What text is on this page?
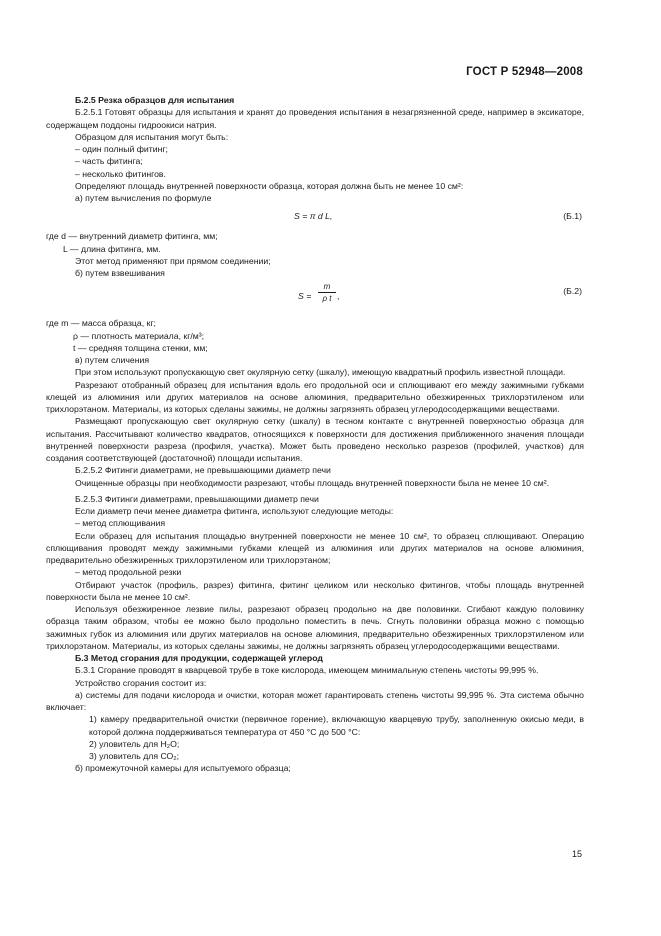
ГОСТ Р 52948—2008

Б.2.5 Резка образцов для испытания

Б.2.5.1 Готовят образцы для испытания и хранят до проведения испытания в незагрязненной среде, например в эксикаторе, содержащем поддоны гидроокиси натрия.

Образцом для испытания могут быть:

– один полный фитинг;

– часть фитинга;

– несколько фитингов.

Определяют площадь внутренней поверхности образца, которая должна быть не менее 10 см²:

а) путем вычисления по формуле

S = π d L,	(Б.1)

где d — внутренний диаметр фитинга, мм;

L — длина фитинга, мм.

Этот метод применяют при прямом соединении;

б) путем взвешивания

$S = \frac{m}{\text{ρ t}}$ ,	(Б.2)

где m — масса образца, кг;

ρ — плотность материала, кг/м³;

t — средняя толщина стенки, мм;

в) путем сличения

При этом используют пропускающую свет окулярную сетку (шкалу), имеющую квадратный профиль известной площади.

Разрезают отобранный образец для испытания вдоль его продольной оси и сплющивают его между зажимными губками клещей из алюминия или других материалов на основе алюминия, предварительно обезжиренных трихлорэтиленом или трихлорэтаном. Материалы, из которых сделаны зажимы, не должны загрязнять образец углеродосодержащими веществами.

Размещают пропускающую свет окулярную сетку (шкалу) в тесном контакте с внутренней поверхностью образца для испытания. Рассчитывают количество квадратов, относящихся к поверхности для достижения приближенного значения площади внутренней поверхности разреза (профиля, участка). Может быть проведено несколько разрезов (профилей, участков) для создания соответствующей (достаточной) площади испытания.

Б.2.5.2 Фитинги диаметрами, не превышающими диаметр печи

Очищенные образцы при необходимости разрезают, чтобы площадь внутренней поверхности была не менее 10 см².

Б.2.5.3 Фитинги диаметрами, превышающими диаметр печи

Если диаметр печи менее диаметра фитинга, используют следующие методы:

– метод сплющивания

Если образец для испытания площадью внутренней поверхности не менее 10 см², то образец сплющивают. Операцию сплющивания проводят между зажимными губками клещей из алюминия или других материалов на основе алюминия, предварительно обезжиренных трихлорэтиленом или трихлорэтаном;

– метод продольной резки

Отбирают участок (профиль, разрез) фитинга, фитинг целиком или несколько фитингов, чтобы площадь внутренней поверхности была не менее 10 см².

Используя обезжиренное лезвие пилы, разрезают образец продольно на две половинки. Сгибают каждую половинку образца таким образом, чтобы ее можно было продольно поместить в печь. Сгнуть половинки образца можно с помощью зажимных губок из алюминия или других материалов на основе алюминия, предварительно обезжиренных трихлорэтиленом или трихлорэтаном. Материалы, из которых сделаны зажимы, не должны загрязнять образец углеродосодержащими веществами.

Б.3 Метод сгорания для продукции, содержащей углерод

Б.3.1 Сгорание проводят в кварцевой трубе в токе кислорода, имеющем минимальную степень чистоты 99,995 %.

Устройство сгорания состоит из:

а) системы для подачи кислорода и очистки, которая может гарантировать степень чистоты 99,995 %. Эта система обычно включает:

1) камеру предварительной очистки (первичное горение), включающую кварцевую трубу, заполненную окисью меди, в которой должна поддерживаться температура от 450 °С до 500 °С:

2) уловитель для H₂O;

3) уловитель для СО₂;

б) промежуточной камеры для испытуемого образца;

15
